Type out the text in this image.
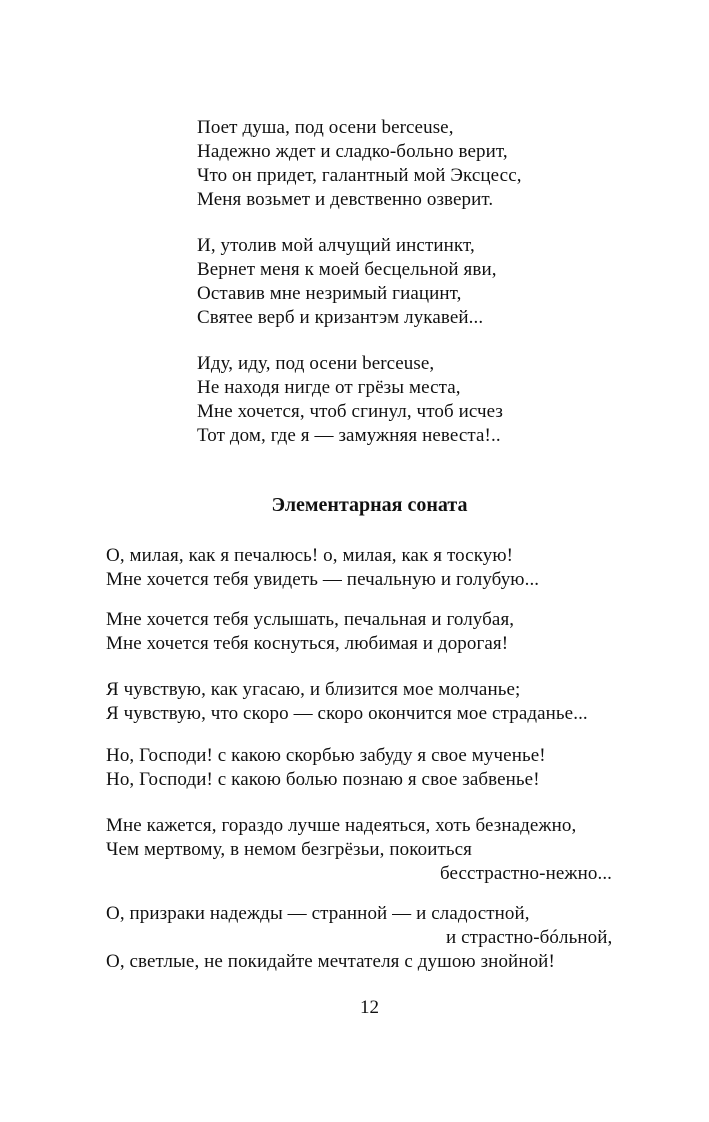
Поет душа, под осени berceuse,
Надежно ждет и сладко-больно верит,
Что он придет, галантный мой Эксцесс,
Меня возьмет и девственно озверит.
И, утолив мой алчущий инстинкт,
Вернет меня к моей бесцельной яви,
Оставив мне незримый гиацинт,
Святее верб и кризантэм лукавей...
Иду, иду, под осени berceuse,
Не находя нигде от грёзы места,
Мне хочется, чтоб сгинул, чтоб исчез
Тот дом, где я — замужняя невеста!..
Элементарная соната
О, милая, как я печалюсь! о, милая, как я тоскую!
Мне хочется тебя увидеть — печальную и голубую...
Мне хочется тебя услышать, печальная и голубая,
Мне хочется тебя коснуться, любимая и дорогая!
Я чувствую, как угасаю, и близится мое молчанье;
Я чувствую, что скоро — скоро окончится мое страданье...
Но, Господи! с какою скорбью забуду я свое мученье!
Но, Господи! с какою болью познаю я свое забвенье!
Мне кажется, гораздо лучше надеяться, хоть безнадежно,
Чем мертвому, в немом безгрёзьи, покоиться
бесстрастно-нежно...
О, призраки надежды — странной — и сладостной,
и страстно-бóльной,
О, светлые, не покидайте мечтателя с душою знойной!
12
